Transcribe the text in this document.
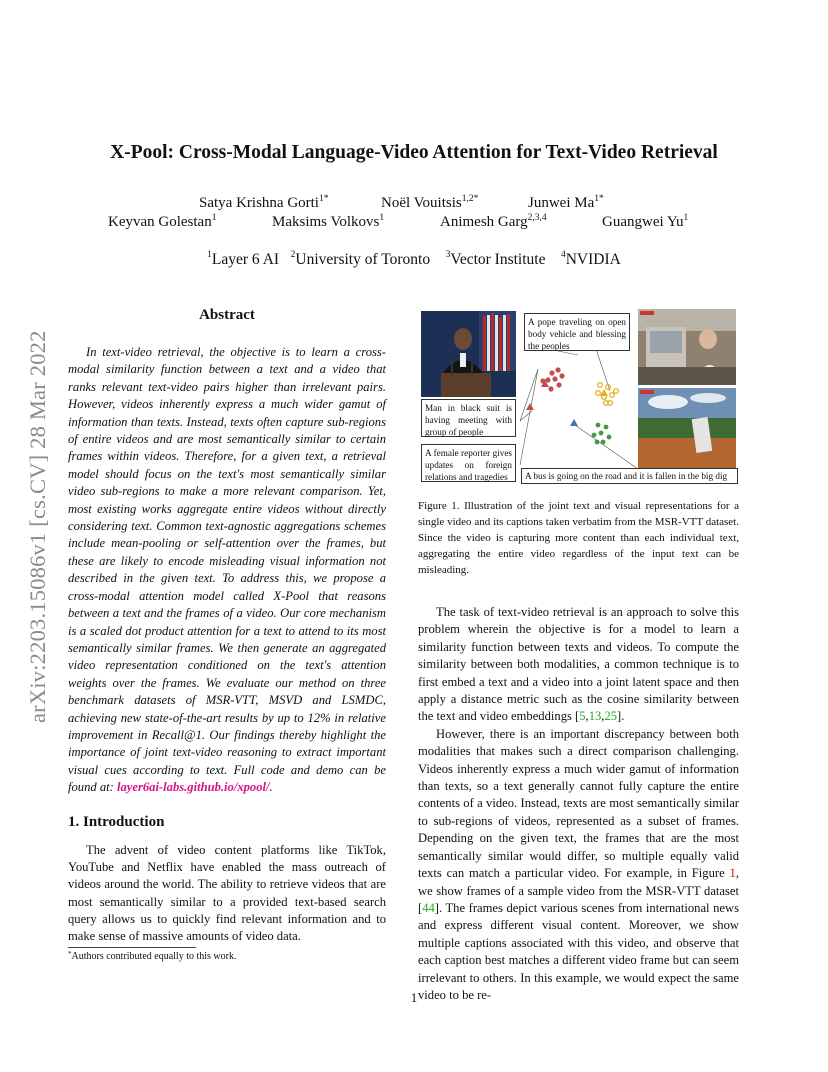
arXiv:2203.15086v1 [cs.CV] 28 Mar 2022
X-Pool: Cross-Modal Language-Video Attention for Text-Video Retrieval
Satya Krishna Gorti$^{1*}$	Noël Vouitsis$^{1,2*}$	Junwei $Ma^{1*}$
Keyvan Golestan$^1$	Maksims Volkovs$^1$	Animesh Garg$^{2,3,4}$	Guangwei Yu$^1$
$^1$Layer 6 AI $^2$University of Toronto $^3$Vector Institute $^4$NVIDIA
Abstract
In text-video retrieval, the objective is to learn a cross-modal similarity function between a text and a video that ranks relevant text-video pairs higher than irrelevant pairs. However, videos inherently express a much wider gamut of information than texts. Instead, texts often capture sub-regions of entire videos and are most semantically similar to certain frames within videos. Therefore, for a given text, a retrieval model should focus on the text's most semantically similar video sub-regions to make a more relevant comparison. Yet, most existing works aggregate entire videos without directly considering text. Common text-agnostic aggregations schemes include mean-pooling or self-attention over the frames, but these are likely to encode misleading visual information not described in the given text. To address this, we propose a cross-modal attention model called X-Pool that reasons between a text and the frames of a video. Our core mechanism is a scaled dot product attention for a text to attend to its most semantically similar frames. We then generate an aggregated video representation conditioned on the text's attention weights over the frames. We evaluate our method on three benchmark datasets of MSR-VTT, MSVD and LSMDC, achieving new state-of-the-art results by up to 12% in relative improvement in Recall@1. Our findings thereby highlight the importance of joint text-video reasoning to extract important visual cues according to text. Full code and demo can be found at: layer6ai-labs.github.io/xpool/.
1. Introduction
The advent of video content platforms like TikTok, YouTube and Netflix have enabled the mass outreach of videos around the world. The ability to retrieve videos that are most semantically similar to a provided text-based search query allows us to quickly find relevant information and to make sense of massive amounts of video data.
*Authors contributed equally to this work.
A pope traveling on open body vehicle and blessing the peoples
Man in black suit is having meeting with group of people
A female reporter gives updates on foreign relations and tragedies	A bus is going on the road and it is fallen in the big dig
Figure 1. Illustration of the joint text and visual representations for a single video and its captions taken verbatim from the MSR-VTT dataset. Since the video is capturing more content than each individual text, aggregating the entire video regardless of the input text can be misleading.

The task of text-video retrieval is an approach to solve this problem wherein the objective is for a model to learn a similarity function between texts and videos. To compute the similarity between both modalities, a common technique is to first embed a text and a video into a joint latent space and then apply a distance metric such as the cosine similarity between the text and video embeddings [5,13,25].

However, there is an important discrepancy between both modalities that makes such a direct comparison challenging. Videos inherently express a much wider gamut of information than texts, so a text generally cannot fully capture the entire contents of a video. Instead, texts are most semantically similar to sub-regions of videos, represented as a subset of frames. Depending on the given text, the frames that are the most semantically similar would differ, so multiple equally valid texts can match a particular video. For example, in Figure 1, we show frames of a sample video from the MSR-VTT dataset [44]. The frames depict various scenes from international news and express different visual content. Moreover, we show multiple captions associated with this video, and observe that each caption best matches a different video frame but can seem irrelevant to others. In this example, we would expect the same video to be re-

1
